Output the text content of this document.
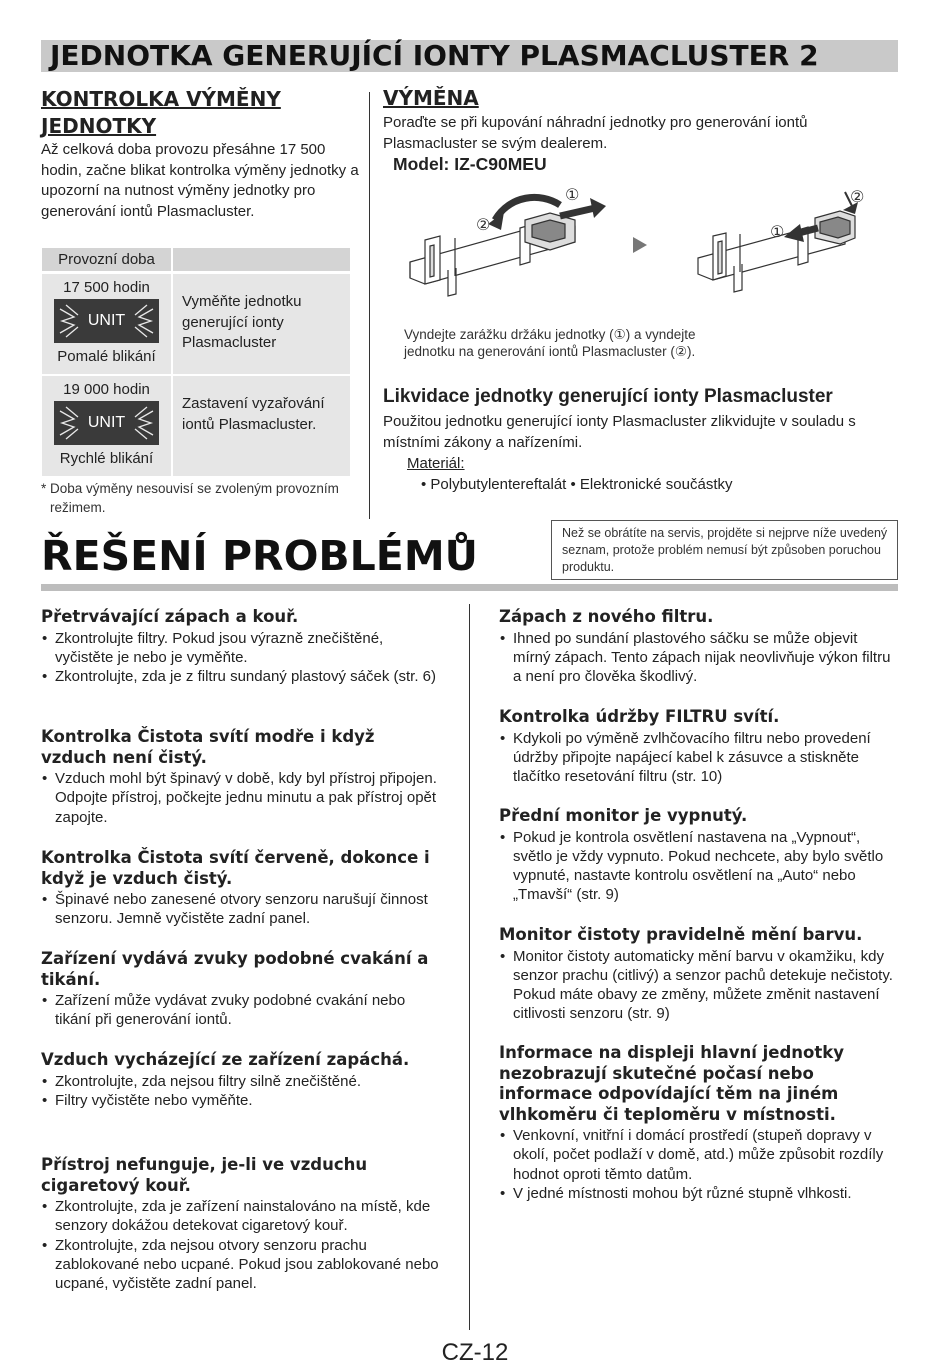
JEDNOTKA GENERUJÍCÍ IONTY PLASMACLUSTER 2
KONTROLKA VÝMĚNY JEDNOTKY
Až celková doba provozu přesáhne 17 500 hodin, začne blikat kontrolka výměny jednotky a upozorní na nutnost výměny jednotky pro generování iontů Plasmacluster.
Provozní doba
17 500 hodin
UNIT
Pomalé blikání
Vyměňte jednotku generující ionty Plasmacluster
19 000 hodin
UNIT
Rychlé blikání
Zastavení vyzařování iontů Plasmacluster.
* Doba výměny nesouvisí se zvoleným provozním režimem.
VÝMĚNA
Poraďte se při kupování náhradní jednotky pro generování iontů Plasmacluster se svým dealerem.
Model: IZ-C90MEU
②
①
①
②
Vyndejte zarážku držáku jednotky (①) a vyndejte jednotku na generování iontů Plasmacluster (②).
Likvidace jednotky generující ionty Plasmacluster
Použitou jednotku generující ionty Plasmacluster zlikvidujte v souladu s místními zákony a nařízeními.
Materiál:
• Polybutylentereftalát • Elektronické součástky
ŘEŠENÍ PROBLÉMŮ	Než se obrátíte na servis, projděte si nejprve níže uvedený seznam, protože problém nemusí být způsoben poruchou produktu.
Přetrvávající zápach a kouř.
• Zkontrolujte filtry. Pokud jsou výrazně znečištěné, vyčistěte je nebo je vyměňte.
• Zkontrolujte, zda je z filtru sundaný plastový sáček (str. 6)
Kontrolka Čistota svítí modře i když vzduch není čistý.
• Vzduch mohl být špinavý v době, kdy byl přístroj připojen. Odpojte přístroj, počkejte jednu minutu a pak přístroj opět zapojte.
Kontrolka Čistota svítí červeně, dokonce i když je vzduch čistý.
• Špinavé nebo zanesené otvory senzoru narušují činnost senzoru. Jemně vyčistěte zadní panel.
Zařízení vydává zvuky podobné cvakání a tikání.
• Zařízení může vydávat zvuky podobné cvakání nebo tikání při generování iontů.
Vzduch vycházející ze zařízení zapáchá.
• Zkontrolujte, zda nejsou filtry silně znečištěné.
• Filtry vyčistěte nebo vyměňte.
Přístroj nefunguje, je-li ve vzduchu cigaretový kouř.
• Zkontrolujte, zda je zařízení nainstalováno na místě, kde senzory dokážou detekovat cigaretový kouř.
• Zkontrolujte, zda nejsou otvory senzoru prachu zablokované nebo ucpané. Pokud jsou zablokované nebo ucpané, vyčistěte zadní panel.
Zápach z nového filtru.
• Ihned po sundání plastového sáčku se může objevit mírný zápach. Tento zápach nijak neovlivňuje výkon filtru a není pro člověka škodlivý.
Kontrolka údržby FILTRU svítí.
• Kdykoli po výměně zvlhčovacího filtru nebo provedení údržby připojte napájecí kabel k zásuvce a stiskněte tlačítko resetování filtru (str. 10)
Přední monitor je vypnutý.
• Pokud je kontrola osvětlení nastavena na „Vypnout“, světlo je vždy vypnuto. Pokud nechcete, aby bylo světlo vypnuté, nastavte kontrolu osvětlení na „Auto“ nebo „Tmavší“ (str. 9)
Monitor čistoty pravidelně mění barvu.
• Monitor čistoty automaticky mění barvu v okamžiku, kdy senzor prachu (citlivý) a senzor pachů detekuje nečistoty. Pokud máte obavy ze změny, můžete změnit nastavení citlivosti senzoru (str. 9)
Informace na displeji hlavní jednotky nezobrazují skutečné počasí nebo informace odpovídající těm na jiném vlhkoměru či teploměru v místnosti.
• Venkovní, vnitřní i domácí prostředí (stupeň dopravy v okolí, počet podlaží v domě, atd.) může způsobit rozdíly hodnot oproti těmto datům.
• V jedné místnosti mohou být různé stupně vlhkosti.
CZ-12
